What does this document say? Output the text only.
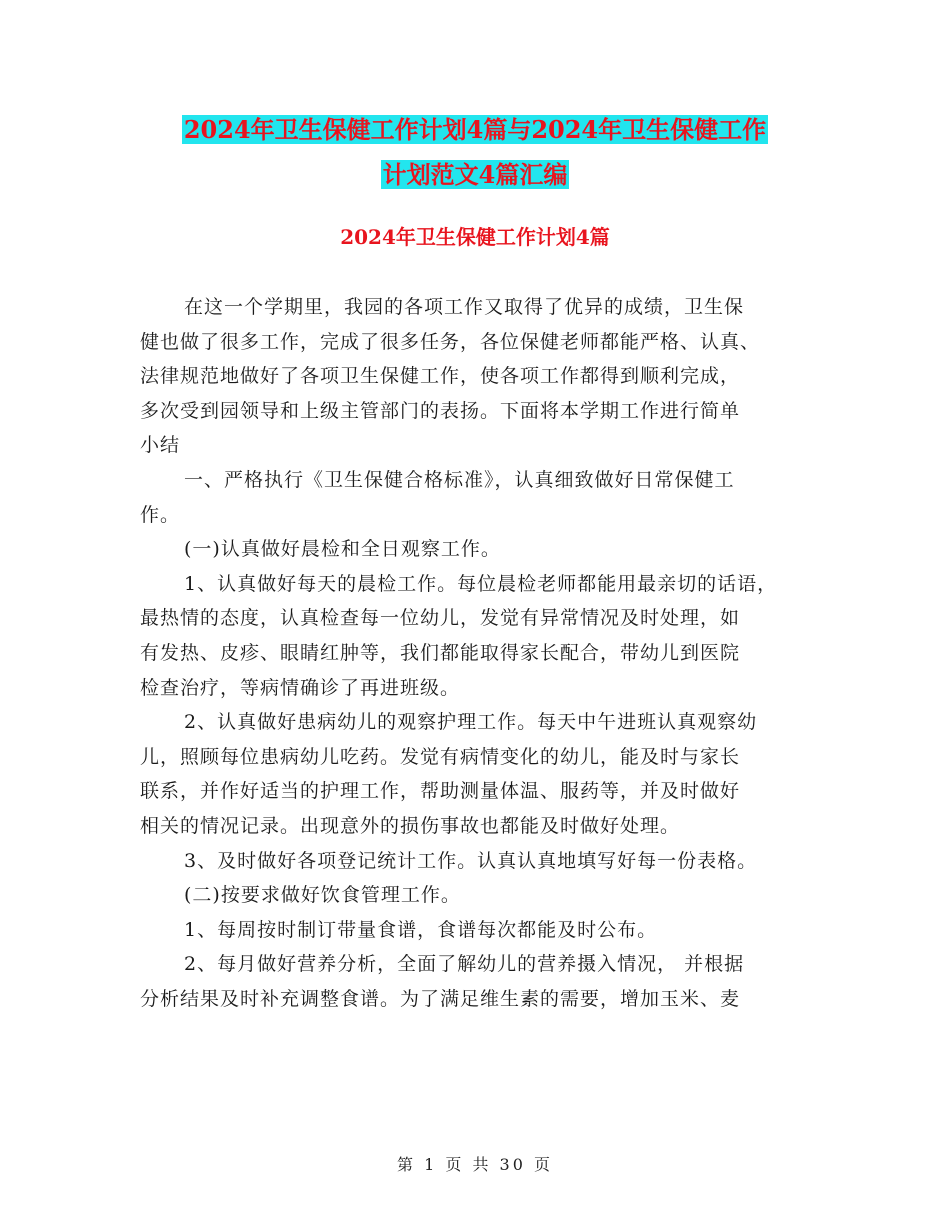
2024年卫生保健工作计划4篇与2024年卫生保健工作
计划范文4篇汇编
2024年卫生保健工作计划4篇
在这一个学期里，我园的各项工作又取得了优异的成绩，卫生保
健也做了很多工作，完成了很多任务，各位保健老师都能严格、认真、
法律规范地做好了各项卫生保健工作，使各项工作都得到顺利完成，
多次受到园领导和上级主管部门的表扬。下面将本学期工作进行简单
小结
一、严格执行《卫生保健合格标准》，认真细致做好日常保健工
作。
(一)认真做好晨检和全日观察工作。
1、认真做好每天的晨检工作。每位晨检老师都能用最亲切的话语，
最热情的态度，认真检查每一位幼儿，发觉有异常情况及时处理，如
有发热、皮疹、眼睛红肿等，我们都能取得家长配合，带幼儿到医院
检查治疗，等病情确诊了再进班级。
2、认真做好患病幼儿的观察护理工作。每天中午进班认真观察幼
儿，照顾每位患病幼儿吃药。发觉有病情变化的幼儿，能及时与家长
联系，并作好适当的护理工作，帮助测量体温、服药等，并及时做好
相关的情况记录。出现意外的损伤事故也都能及时做好处理。
3、及时做好各项登记统计工作。认真认真地填写好每一份表格。
(二)按要求做好饮食管理工作。
1、每周按时制订带量食谱，食谱每次都能及时公布。
2、每月做好营养分析，全面了解幼儿的营养摄入情况， 并根据
分析结果及时补充调整食谱。为了满足维生素的需要，增加玉米、麦
第 1 页 共 30 页
